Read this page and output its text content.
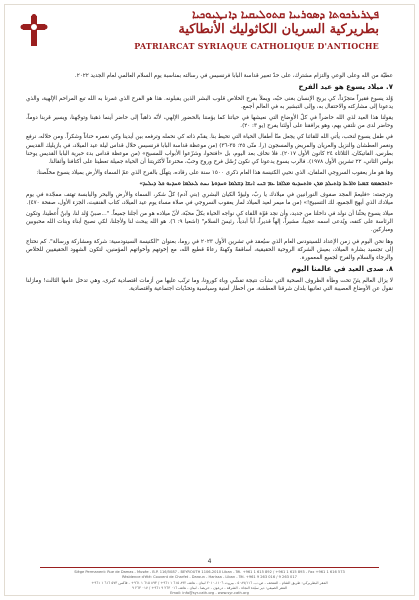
ܦܛܪܝܪܟܘܬܐ ܕܣܘܪܝܝܐ ܩܬܘܠܝܩܝܐ ܕܐܢܛܝܘܟܝܐ
بطريركية السريان الكاثوليك الأنطاكية
PATRIARCAT SYRIAQUE CATHOLIQUE D'ANTIOCHE

عطيّة من الله وعلى الوعي والتزام مشترك، على حدّ تعبير قداسة البابا فرنسيس في رسالته بمناسبة يوم السلام العالمي لعام الجديد ٢٠٢٢.

٧. ميلاد يسوع هو عيد الفرح

وُلد يسوع فقيراً متجرّداً، كي يربح الإنسان بغنى حبّه، ويملأ بفرح الخلاص قلوب البشر الذين يقبلونه. هذا هو الفرح الذي غمرنا به الله تبع المراحم الإلهية، والذي يدعونا إلى مشاركته والاحتفال به، وإلى التبشير به في العالم أجمع.

يقولنا هذا العيد لذي الله حاضراً في كلّ الأوضاع التي نعيشها في حياتنا كما يؤمننا بالحضور الإلهي، لأنّه ذاهباً إلى حاضر أينما ذهبنا وتوجّهنا، ويسير قربنا دوماً، وحاضر لدى من نلتقي بهم، وهو يرافقنا على أولئنا يفرح (يو ٣: ٢٠).

في طفل يسوع لنحب، يأتي الله للقائنا كي يجعل منّا أطفال الحياة التي تحيط بنا. يقدّم ذاته كي نحمله وترفعه بين أيدينا وكي نغمره حناناً وشكراً. ومن خلاله، نرفع ونغمر العطشان والنزيل والعريان والمريض والمسجون (را. متّى ٢٥: ٣٥-٣٦) (من موعظة قداسة البابا فرنسيس خلال قداس ليلة عيد الميلاد، في بازيليك القديس بطرس، الفاتيكان، الثلاثاء ٢٤ كانون الأول ٢٠١٧). فلا نخاف بعد اليوم، بل «افتحوا، وشرّعوا الأبواب للمسيح» (من موعظة قداس بدء حبرية البابا القديس يوحنا بولس الثاني، ٢٢ تشرين الأول ١٩٧٨). فالرب يسوع يدعونا كي نكون رُسُل فرح وروح وحبّ، مخترعاً لأكثريتنا أن الحياة جميلة تعطينا على أكتافنا وأثقالنا.

وها هو مار يعقوب السروجي الملفان، الذي نحيي الكنيسة هذا العام ذكرى ١٥٠٠ سنة على رقاده، يتهلّل بالفرح الذي عمّ السماء والأرض بميلاد يسوع مخلّصنا:

«ܐܬܒܣܡܘ ܫܡܝܐ ܘܐܪܥܐ ܕܐܬܝܠܕ ܡܪܢ ܘܐܬܚܕܝܘ ܡܠܐܟܐ ܥܡ ܒܢܝ ܐܢܫܐ ܕܫܠܡܐ ܘܚܕܘܬܐ ܢܚܬ ܠܥܠܡܐ ܘܚܕܝܘ ܟܠ ܕܝܠܝܕ»

وترجمته: «فليعمّ المجد صفوف النورانيين في ميلادك يا ربّ، وليؤدّ الكيان البشري (بني آدم) كلّ شكر، السماء والأرض والبحر واليابسة تهتف ممجّدة في يوم ميلادك الذي أبهج الجميع، لك التسبيح!» (من ما ميمر لعيد الميلاد لمار يعقوب السروجي في صلاة مساء يوم عيد الميلاد، كتاب الفنقيث، الجزء الأول، صفحة ٤٧٠).

ميلاد يسوع يحثّنا أن نولد في داخلنا من جديد، وأن نجد قوّة اللقاء كي نواجه الحياة بكلّ محبّة، لأنّ ميلاده هو من أجلنا جميعاً. "...صبيّ وُلد لنا، وابنٌ أُعطينا، وتكون الرئاسة على كتفه، ويُدعى اسمه عجيباً، مشيراً، إلهاً قديراً، أباً أبدياً، رئيسَ السلام" (اشعيا ٩: ٦). هو الله يبحث لنا ولأجلنا، لكي نصبح أبناء وبنات الله محبوبين ومباركين.

وها نحن اليوم في زمن الإعداد للسينودس العام الذي سيُعقد في تشرين الأول ٢٠٢٣ في روما، بعنوان "الكنيسة السينودسية: شركة ومشاركة ورسالة". كم نحتاج إلى تجسيد بشارة الميلاد، بعيش الشركة الروحية الحقيقية، أساقفةً وكهنةً رعاةً قطيع الله، مع إخوتهم وأخواتهم المؤمنين، لتكون الشهود الحقيقيين للخلاص والرجاء والسلام والفرح لجميع المعمورة.

٨. صدى العيد في عالمنا اليوم

لا يزال العالم يئنّ تحت وطأة الظروف الصحية التي نشأت نتيجة تفشّي وباء كورونا، وما ترتّب عليها من أزمات اقتصادية كبرى، وهي تدخل عامها الثالث! ومازلنا نقول عن الأوضاع العصيبة التي تعانيها بلدان شرقنا العطشة، من أخطار أمنية وسياسية وتحدّيات اجتماعية واقتصادية.

4
Siège Permanent: Rue de Damas - Musée - B.P. 116/5087 - BEYROUTH 1106-2010 Liban - Tél. +961 1 615 892 / +961 1 615 893 - Fax +961 1 616 573
Résidence d'été: Couvent de Charfet - Daroun - Harissa - Liban - Tél. +961 9 263 016 / 9 263 017
المقر البطريركي: طريق الشام - المتحف - ص.ب. ٥٠٨٧/١١٦ - بيروت ١١٠٦-٢٠١٠ لبنان - هاتف ٨٩٢ ٦١٥ ١ ٩٦١+ / ٨٩٣ ٦١٥ ١ ٩٦١+ - فاكس ٥٧٣ ٦١٦ ١ ٩٦١+
المقر الصيفي: دير سيّدة النجاة - الشرفة - درعون - حريصا - لبنان - هاتف ٠١٦ ٢٦٣ ٩ ٩٦١+ / ٠١٧ ٢٦٣ ٩
Email: info@syr-cath.org - www.syr-cath.org
